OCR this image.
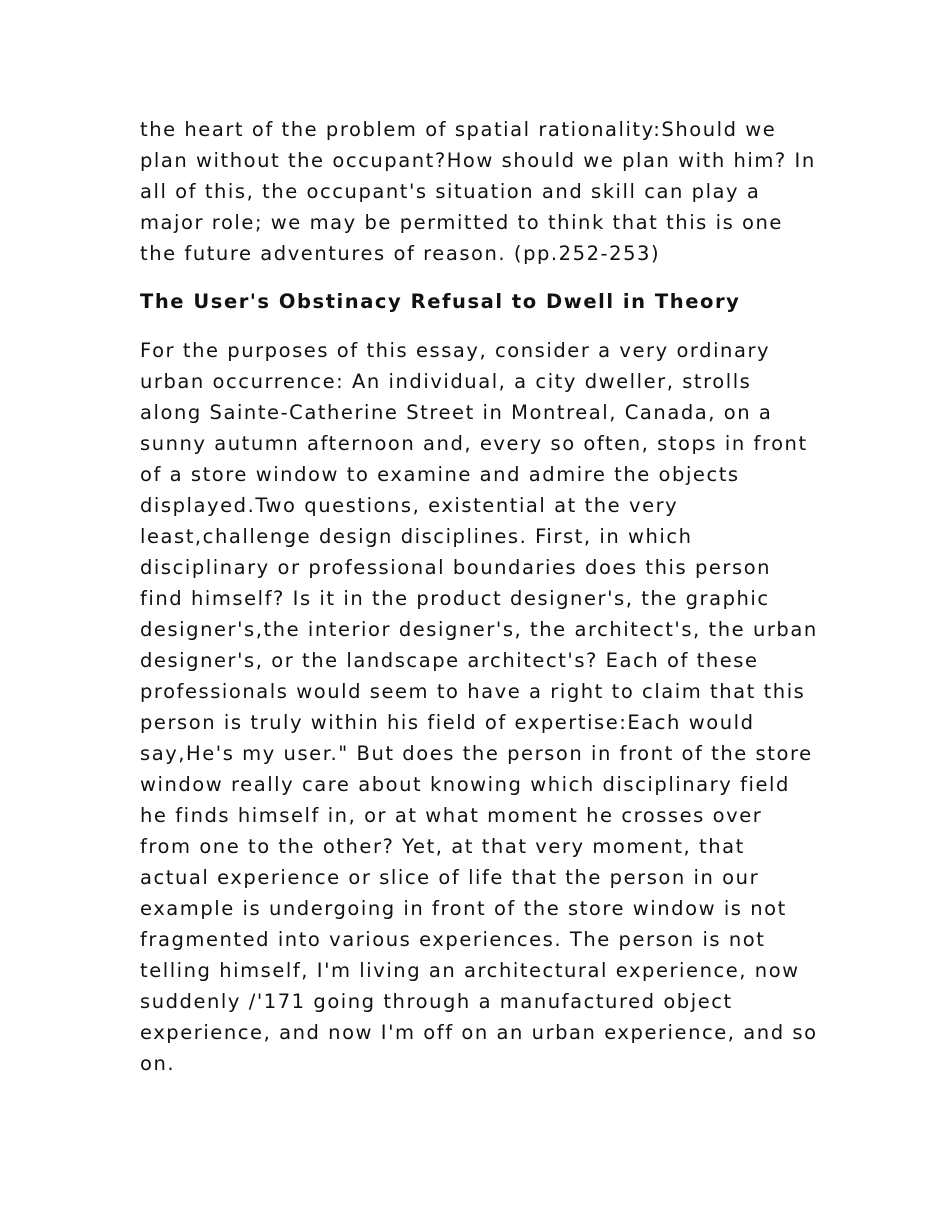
the heart of the problem of spatial rationality:Should we
plan without the occupant?How should we plan with him? In
all of this, the occupant's situation and skill can play a
major role; we may be permitted to think that this is one
the future adventures of reason. (pp.252-253)
The User's Obstinacy Refusal to Dwell in Theory
For the purposes of this essay, consider a very ordinary
urban occurrence: An individual, a city dweller, strolls
along Sainte-Catherine Street in Montreal, Canada, on a
sunny autumn afternoon and, every so often, stops in front
of a store window to examine and admire the objects
displayed.Two questions, existential at the very
least,challenge design disciplines. First, in which
disciplinary or professional boundaries does this person
find himself? Is it in the product designer's, the graphic
designer's,the interior designer's, the architect's, the urban
designer's, or the landscape architect's? Each of these
professionals would seem to have a right to claim that this
person is truly within his field of expertise:Each would
say,He's my user." But does the person in front of the store
window really care about knowing which disciplinary field
he finds himself in, or at what moment he crosses over
from one to the other? Yet, at that very moment, that
actual experience or slice of life that the person in our
example is undergoing in front of the store window is not
fragmented into various experiences. The person is not
telling himself, I'm living an architectural experience, now
suddenly /'171 going through a manufactured object
experience, and now I'm off on an urban experience, and so
on.
